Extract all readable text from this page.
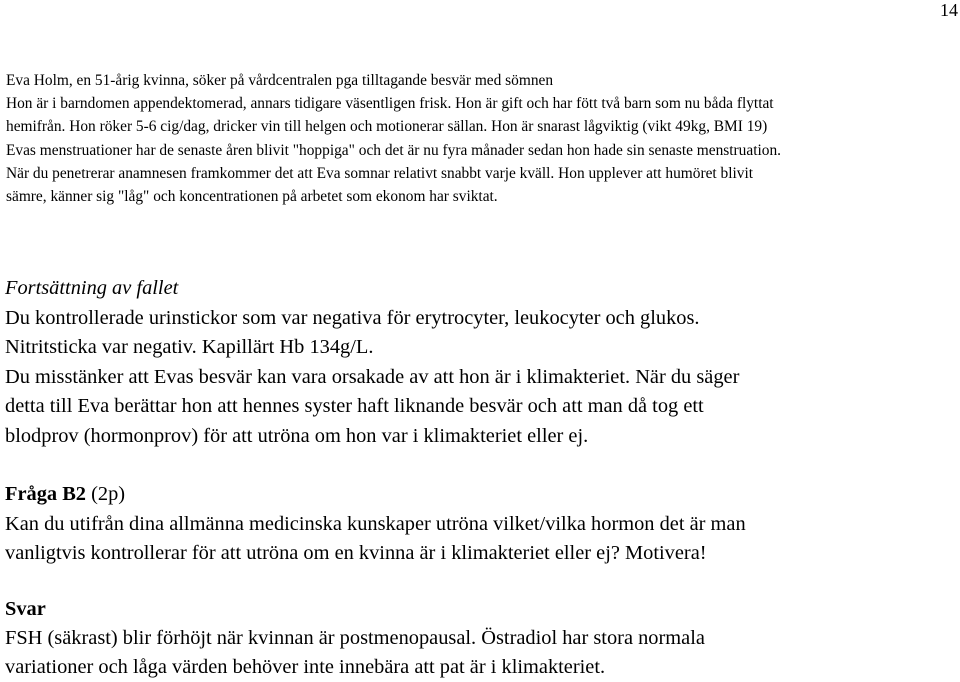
14
Eva Holm, en 51-årig kvinna, söker på vårdcentralen pga tilltagande besvär med sömnen
Hon är i barndomen appendektomerad, annars tidigare väsentligen frisk. Hon är gift och har fött två barn som nu båda flyttat
hemifrån. Hon röker 5-6 cig/dag, dricker vin till helgen och motionerar sällan. Hon är snarast lågviktig (vikt 49kg, BMI 19)
Evas menstruationer har de senaste åren blivit "hoppiga" och det är nu fyra månader sedan hon hade sin senaste menstruation.
När du penetrerar anamnesen framkommer det att Eva somnar relativt snabbt varje kväll. Hon upplever att humöret blivit
sämre, känner sig "låg" och koncentrationen på arbetet som ekonom har sviktat.
Fortsättning av fallet
Du kontrollerade urinstickor som var negativa för erytrocyter, leukocyter och glukos.
Nitritsticka var negativ. Kapillärt Hb 134g/L.
Du misstänker att Evas besvär kan vara orsakade av att hon är i klimakteriet. När du säger
detta till Eva berättar hon att hennes syster haft liknande besvär och att man då tog ett
blodprov (hormonprov) för att utröna om hon var i klimakteriet eller ej.
Fråga B2 (2p)
Kan du utifrån dina allmänna medicinska kunskaper utröna vilket/vilka hormon det är man
vanligtvis kontrollerar för att utröna om en kvinna är i klimakteriet eller ej? Motivera!
Svar
FSH (säkrast) blir förhöjt när kvinnan är postmenopausal. Östradiol har stora normala
variationer och låga värden behöver inte innebära att pat är i klimakteriet.
